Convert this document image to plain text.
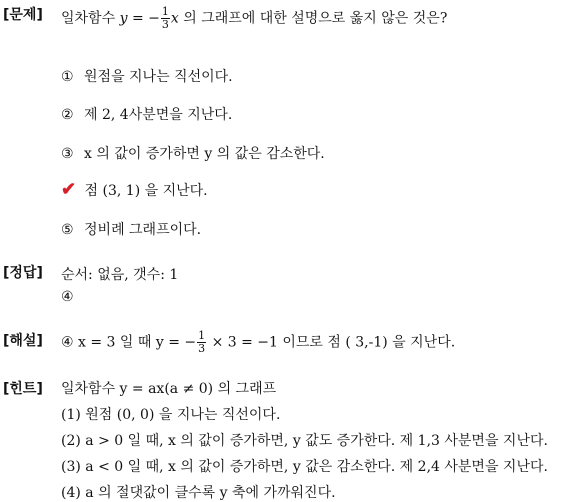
[문제] 일차함수 y = − $\frac{1}{3}$ x 의 그래프에 대한 설명으로 옳지 않은 것은?
① 원점을 지나는 직선이다.
② 제 2, 4사분면을 지난다.
③ x 의 값이 증가하면 y 의 값은 감소한다.
✔ 점 (3, 1) 을 지난다.
⑤ 정비례 그래프이다.
[정답] 순서: 없음, 갯수: 1
④
[해설] ④ x = 3 일 때 y = − $\frac{1}{3} \times 3 = -1$ 이므로 점 ( 3,-1) 을 지난다.
[힌트] 일차함수 y = ax(a ≠ 0) 의 그래프
(1) 원점 (0, 0) 을 지나는 직선이다.
(2) a > 0 일 때, x 의 값이 증가하면, y 값도 증가한다. 제 1,3 사분면을 지난다.
(3) a < 0 일 때, x 의 값이 증가하면, y 값은 감소한다. 제 2,4 사분면을 지난다.
(4) a 의 절댓값이 클수록 y 축에 가까워진다.
